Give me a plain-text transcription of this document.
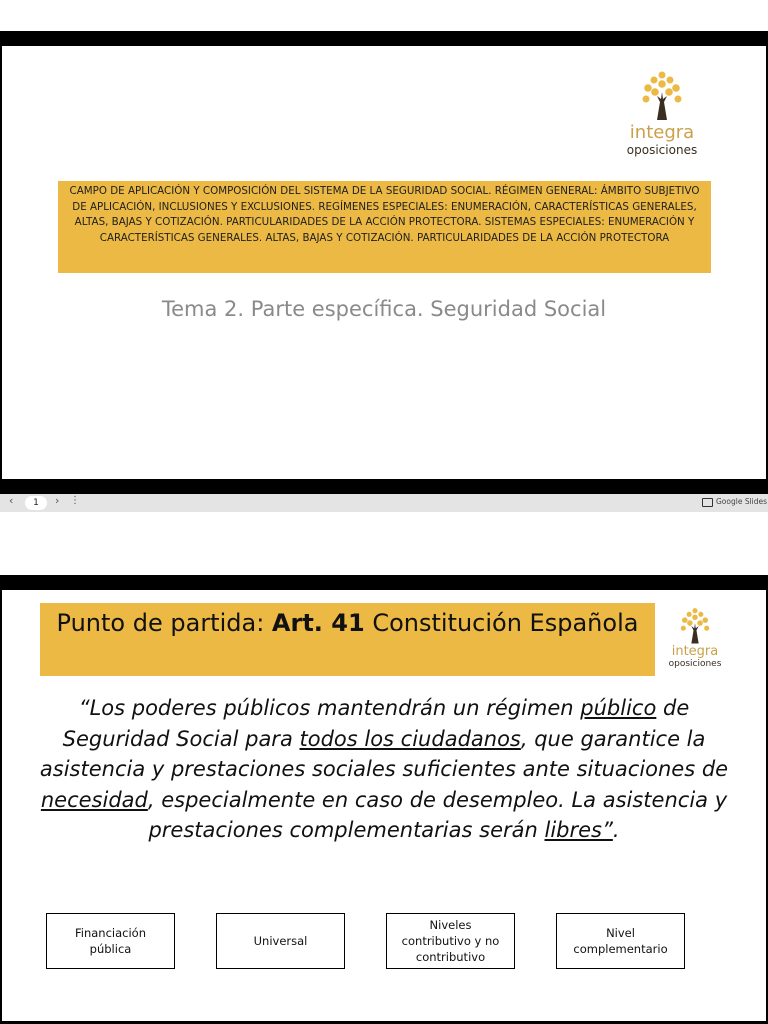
integra
oposiciones
CAMPO DE APLICACIÓN Y COMPOSICIÓN DEL SISTEMA DE LA SEGURIDAD SOCIAL. RÉGIMEN GENERAL: ÁMBITO SUBJETIVO DE APLICACIÓN, INCLUSIONES Y EXCLUSIONES. REGÍMENES ESPECIALES: ENUMERACIÓN, CARACTERÍSTICAS GENERALES, ALTAS, BAJAS Y COTIZACIÓN. PARTICULARIDADES DE LA ACCIÓN PROTECTORA. SISTEMAS ESPECIALES: ENUMERACIÓN Y CARACTERÍSTICAS GENERALES. ALTAS, BAJAS Y COTIZACIÓN. PARTICULARIDADES DE LA ACCIÓN PROTECTORA
Tema 2. Parte específica. Seguridad Social
‹	1	› ⋮	Google Slides
Punto de partida: Art. 41 Constitución Española
integra
oposiciones
“Los poderes públicos mantendrán un régimen público de Seguridad Social para todos los ciudadanos, que garantice la asistencia y prestaciones sociales suficientes ante situaciones de necesidad, especialmente en caso de desempleo. La asistencia y prestaciones complementarias serán libres”.
Financiación pública
Universal
Niveles contributivo y no contributivo
Nivel complementario
